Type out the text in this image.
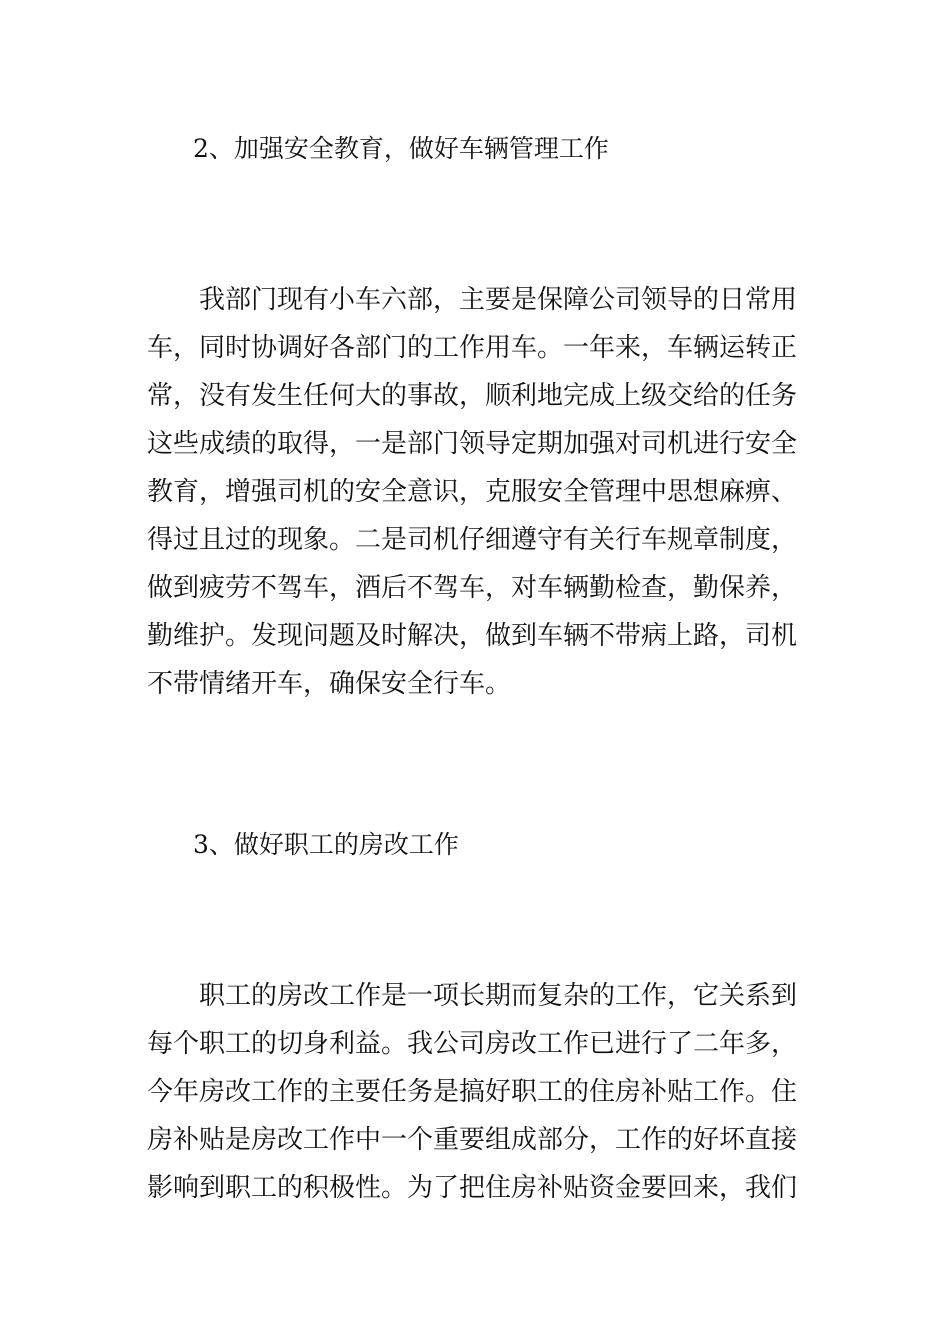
2、加强安全教育，做好车辆管理工作
我部门现有小车六部，主要是保障公司领导的日常用
车，同时协调好各部门的工作用车。一年来，车辆运转正
常，没有发生任何大的事故，顺利地完成上级交给的任务
这些成绩的取得，一是部门领导定期加强对司机进行安全
教育，增强司机的安全意识，克服安全管理中思想麻痹、
得过且过的现象。二是司机仔细遵守有关行车规章制度，
做到疲劳不驾车，酒后不驾车，对车辆勤检查，勤保养，
勤维护。发现问题及时解决，做到车辆不带病上路，司机
不带情绪开车，确保安全行车。
3、做好职工的房改工作
职工的房改工作是一项长期而复杂的工作，它关系到
每个职工的切身利益。我公司房改工作已进行了二年多，
今年房改工作的主要任务是搞好职工的住房补贴工作。住
房补贴是房改工作中一个重要组成部分，工作的好坏直接
影响到职工的积极性。为了把住房补贴资金要回来，我们
